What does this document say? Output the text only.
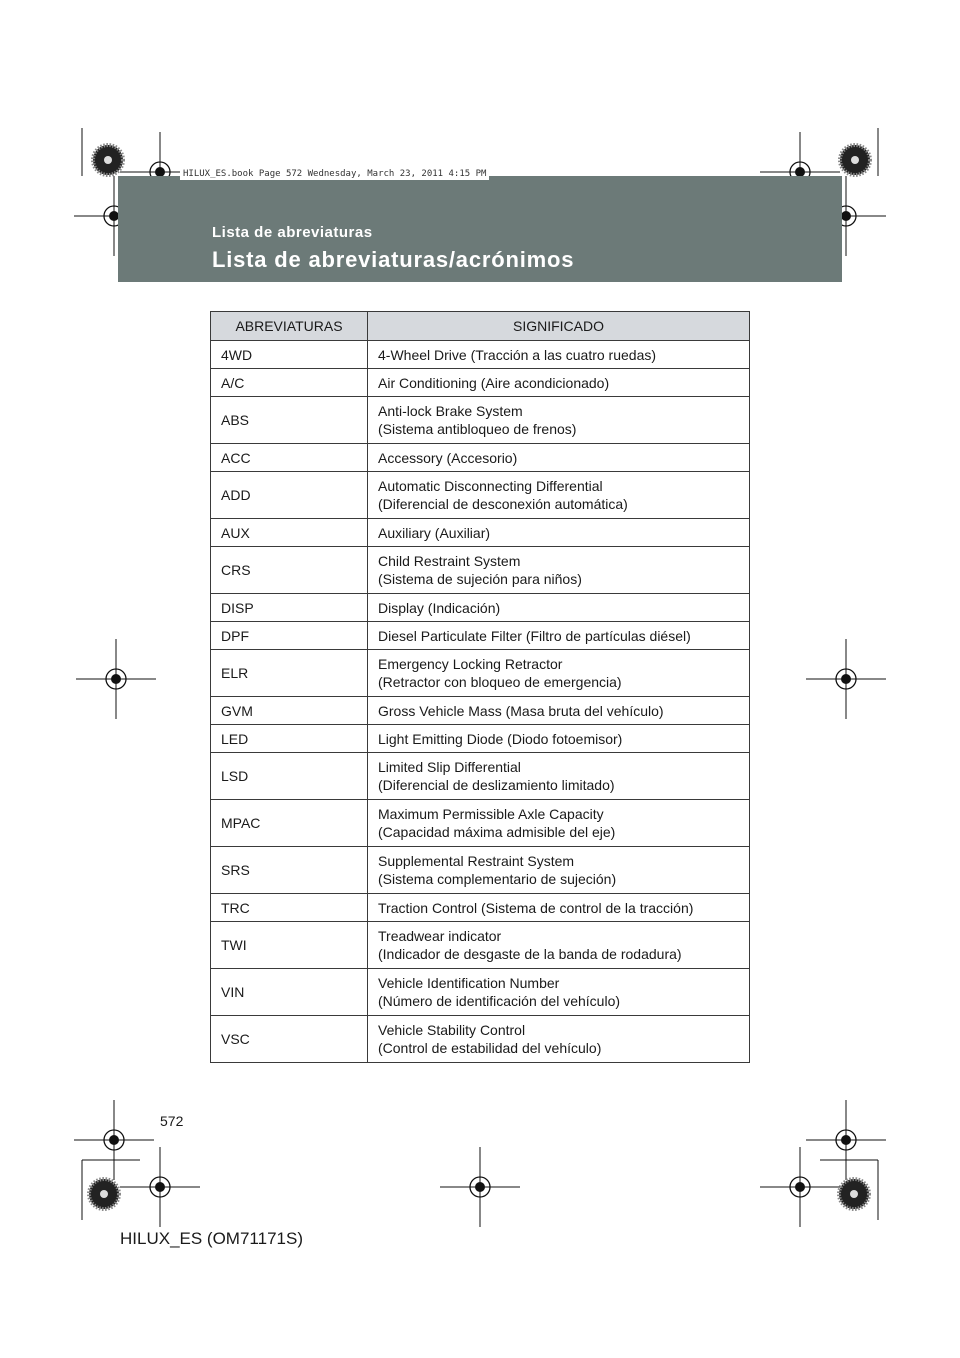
HILUX_ES.book Page 572 Wednesday, March 23, 2011 4:15 PM
Lista de abreviaturas
Lista de abreviaturas/acrónimos
ABREVIATURAS	SIGNIFICADO
4WD	4-Wheel Drive (Tracción a las cuatro ruedas)

A/C	Air Conditioning (Aire acondicionado)

ABS	Anti-lock Brake System
(Sistema antibloqueo de frenos)

ACC	Accessory (Accesorio)

ADD	Automatic Disconnecting Differential
(Diferencial de desconexión automática)

AUX	Auxiliary (Auxiliar)

CRS	Child Restraint System
(Sistema de sujeción para niños)

DISP	Display (Indicación)

DPF	Diesel Particulate Filter (Filtro de partículas diésel)

ELR	Emergency Locking Retractor
(Retractor con bloqueo de emergencia)

GVM	Gross Vehicle Mass (Masa bruta del vehículo)

LED	Light Emitting Diode (Diodo fotoemisor)

LSD	Limited Slip Differential
(Diferencial de deslizamiento limitado)

MPAC	Maximum Permissible Axle Capacity
(Capacidad máxima admisible del eje)

SRS	Supplemental Restraint System
(Sistema complementario de sujeción)

TRC	Traction Control (Sistema de control de la tracción)

TWI	Treadwear indicator
(Indicador de desgaste de la banda de rodadura)

VIN	Vehicle Identification Number
(Número de identificación del vehículo)

VSC	Vehicle Stability Control
(Control de estabilidad del vehículo)
572
HILUX_ES (OM71171S)
